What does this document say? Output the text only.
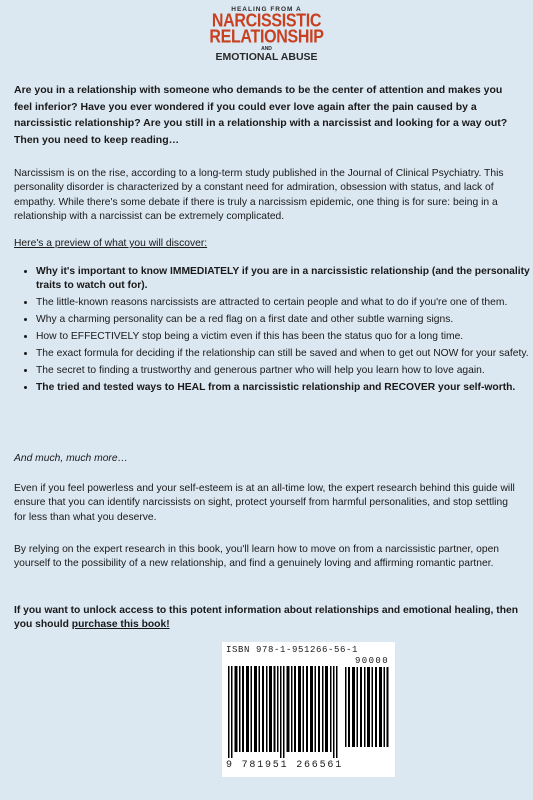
HEALING FROM A
NARCISSISTIC
RELATIONSHIP
AND
EMOTIONAL ABUSE

Are you in a relationship with someone who demands to be the center of attention and makes you feel inferior? Have you ever wondered if you could ever love again after the pain caused by a narcissistic relationship? Are you still in a relationship with a narcissist and looking for a way out? Then you need to keep reading…

Narcissism is on the rise, according to a long-term study published in the Journal of Clinical Psychiatry. This personality disorder is characterized by a constant need for admiration, obsession with status, and lack of empathy. While there's some debate if there is truly a narcissism epidemic, one thing is for sure: being in a relationship with a narcissist can be extremely complicated.

Here's a preview of what you will discover:

• Why it's important to know IMMEDIATELY if you are in a narcissistic relationship (and the personality traits to watch out for).
• The little-known reasons narcissists are attracted to certain people and what to do if you're one of them.
• Why a charming personality can be a red flag on a first date and other subtle warning signs.
• How to EFFECTIVELY stop being a victim even if this has been the status quo for a long time.
• The exact formula for deciding if the relationship can still be saved and when to get out NOW for your safety.
• The secret to finding a trustworthy and generous partner who will help you learn how to love again.
• The tried and tested ways to HEAL from a narcissistic relationship and RECOVER your self-worth.

And much, much more…

Even if you feel powerless and your self-esteem is at an all-time low, the expert research behind this guide will ensure that you can identify narcissists on sight, protect yourself from harmful personalities, and stop settling for less than what you deserve.

By relying on the expert research in this book, you'll learn how to move on from a narcissistic partner, open yourself to the possibility of a new relationship, and find a genuinely loving and affirming romantic partner.

If you want to unlock access to this potent information about relationships and emotional healing, then you should purchase this book!

ISBN 978-1-951266-56-1
90000
9 781951 266561
